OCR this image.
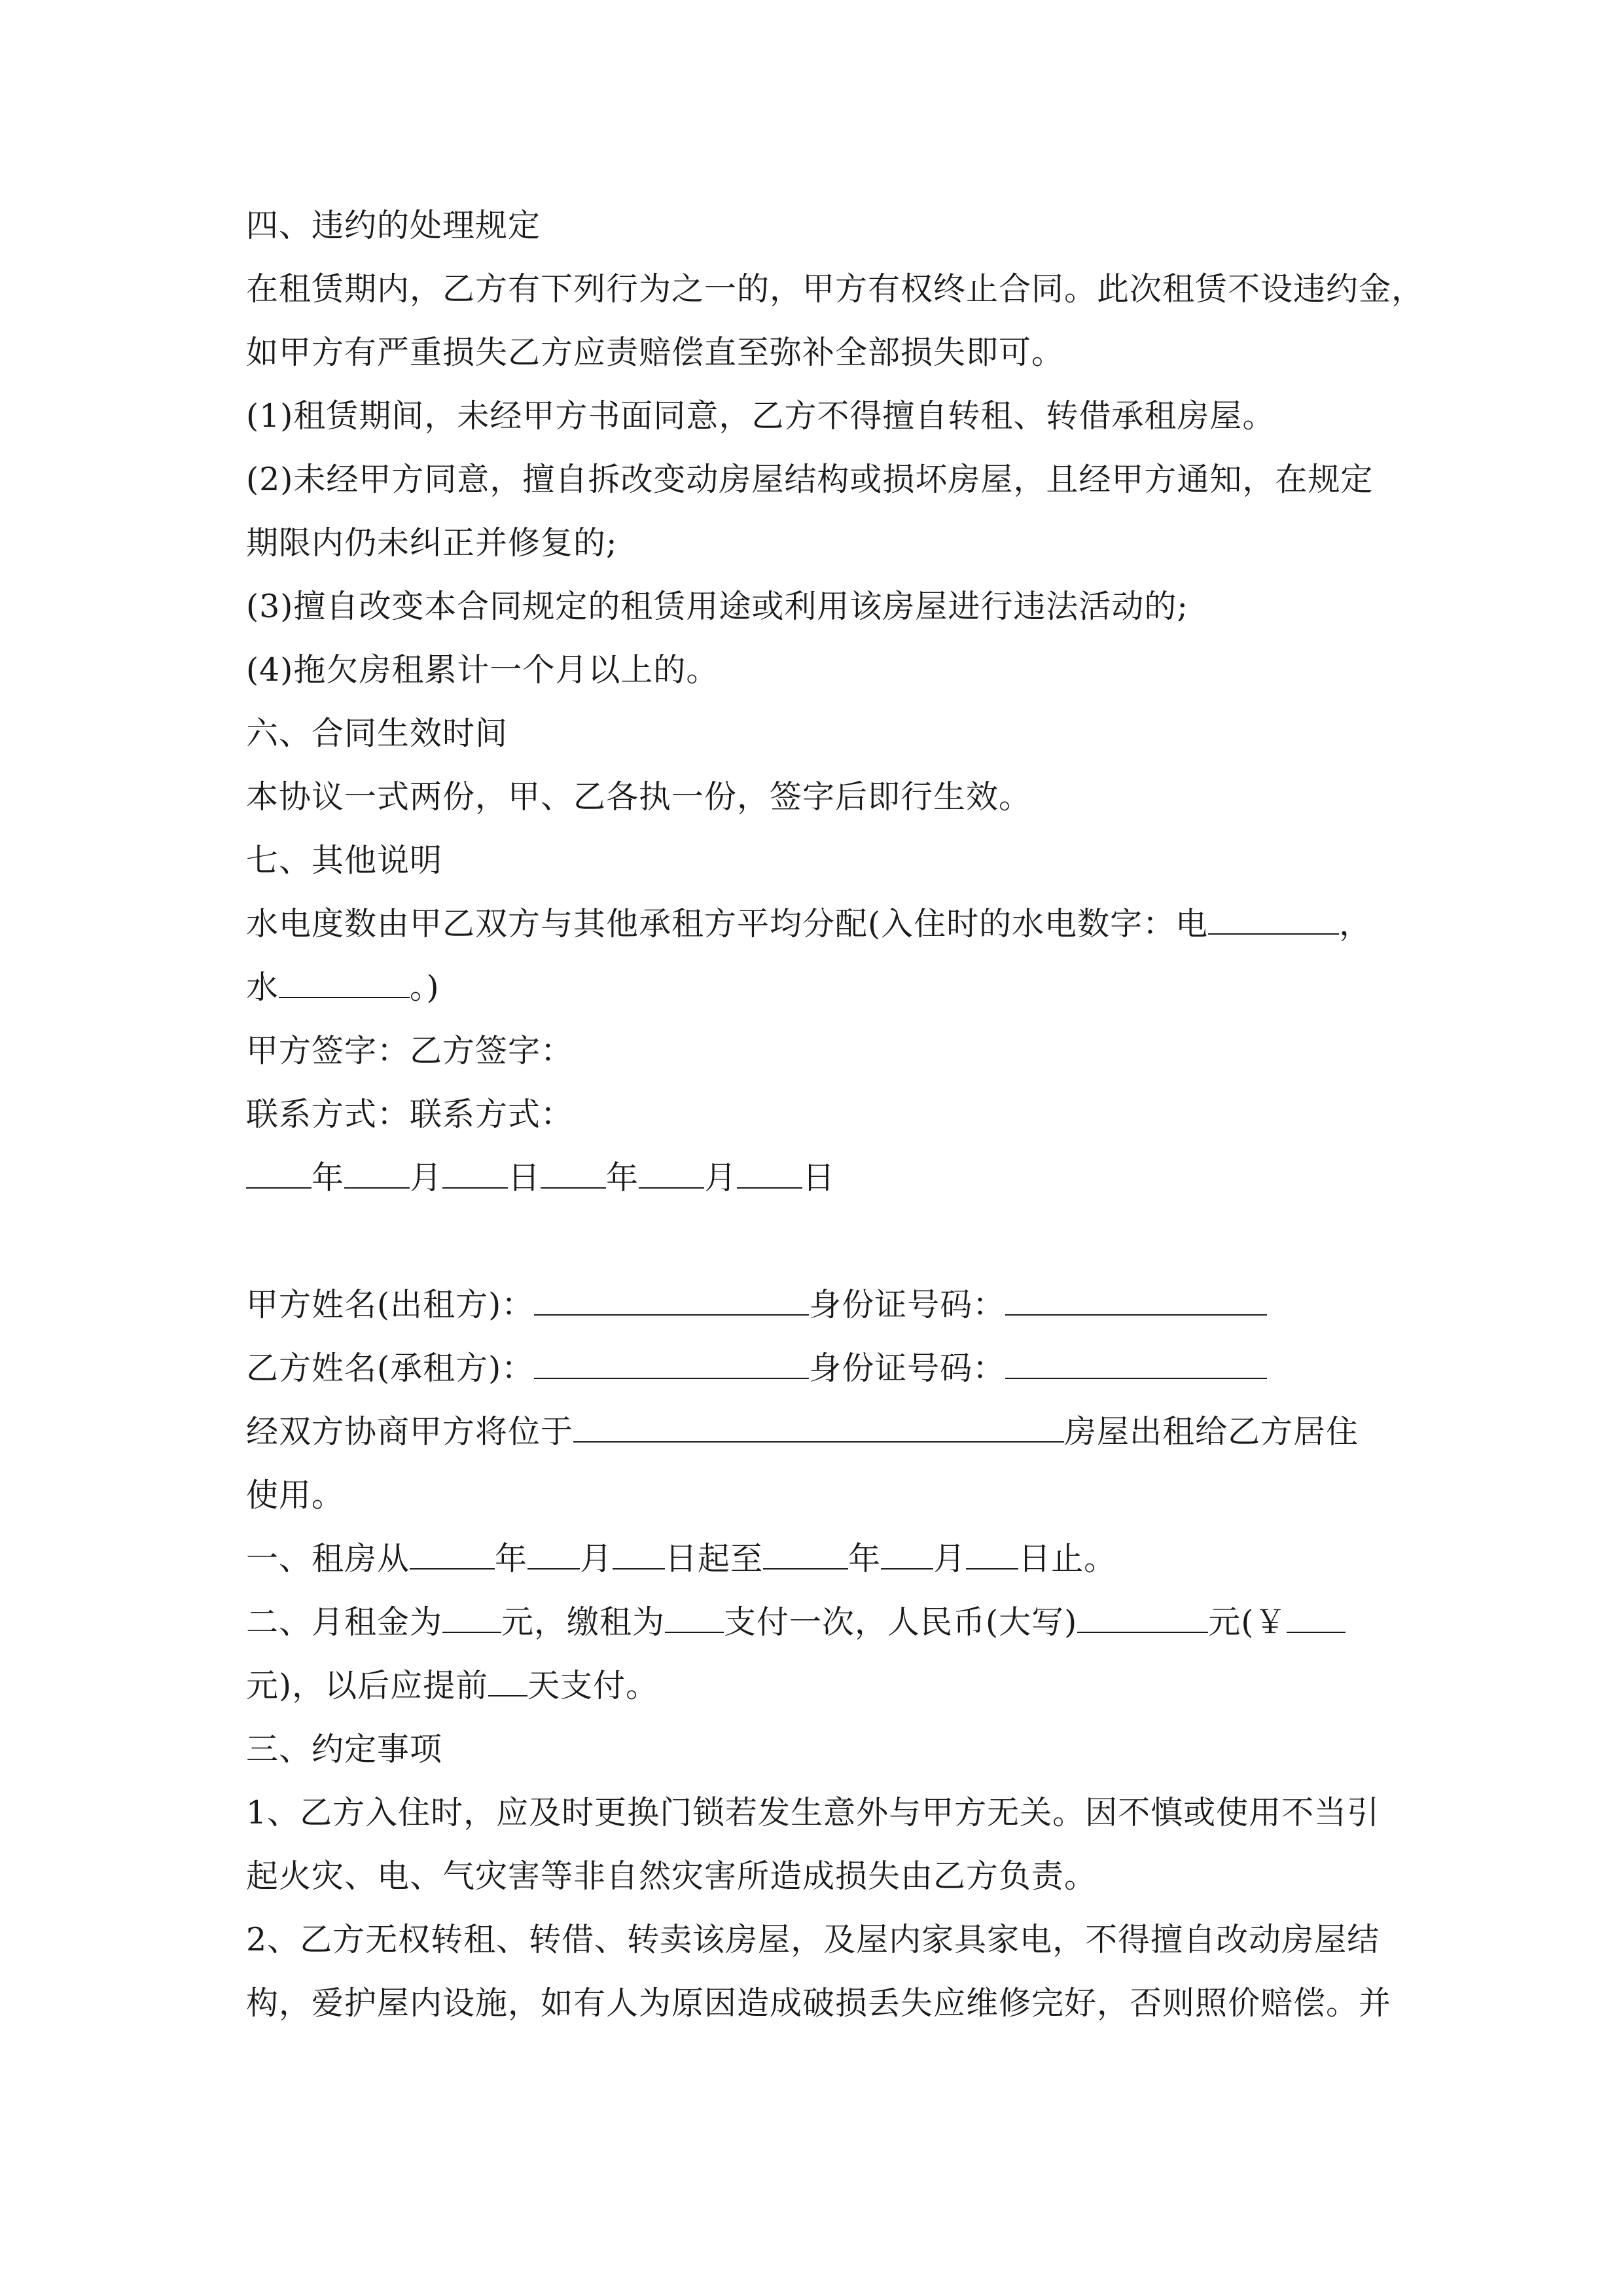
四、违约的处理规定
在租赁期内，乙方有下列行为之一的，甲方有权终止合同。此次租赁不设违约金，
如甲方有严重损失乙方应责赔偿直至弥补全部损失即可。
(1)租赁期间，未经甲方书面同意，乙方不得擅自转租、转借承租房屋。
(2)未经甲方同意，擅自拆改变动房屋结构或损坏房屋，且经甲方通知，在规定
期限内仍未纠正并修复的;
(3)擅自改变本合同规定的租赁用途或利用该房屋进行违法活动的;
(4)拖欠房租累计一个月以上的。
六、合同生效时间
本协议一式两份，甲、乙各执一份，签字后即行生效。
七、其他说明
水电度数由甲乙双方与其他承租方平均分配(入住时的水电数字：电	，
水	。)
甲方签字：乙方签字：
联系方式：联系方式：
年 月 日 年 月 日
甲方姓名(出租方)：	身份证号码：
乙方姓名(承租方)：	身份证号码：
经双方协商甲方将位于	房屋出租给乙方居住
使用。
一、租房从	年 月 日起至	年 月 日止。
二、月租金为 元，缴租为 支付一次，人民币(大写)	元(￥
元)，以后应提前 天支付。
三、约定事项
1、乙方入住时，应及时更换门锁若发生意外与甲方无关。因不慎或使用不当引
起火灾、电、气灾害等非自然灾害所造成损失由乙方负责。
2、乙方无权转租、转借、转卖该房屋，及屋内家具家电，不得擅自改动房屋结
构，爱护屋内设施，如有人为原因造成破损丢失应维修完好，否则照价赔偿。并
